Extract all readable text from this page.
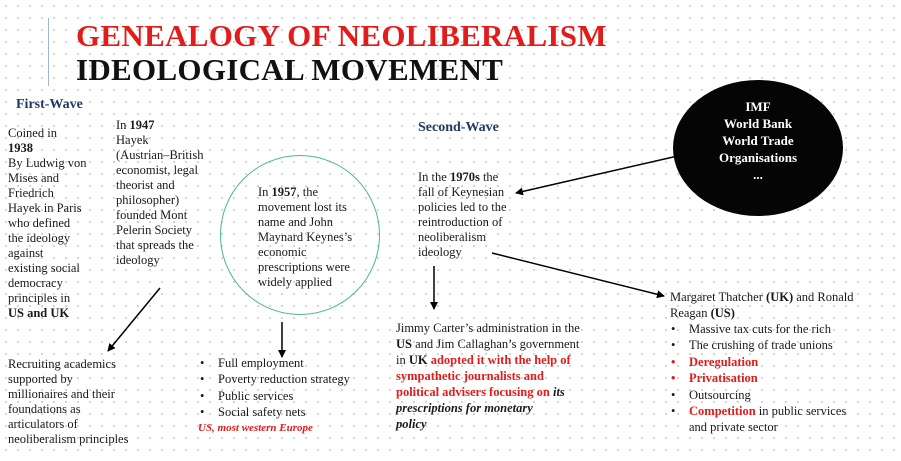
GENEALOGY OF NEOLIBERALISM
IDEOLOGICAL MOVEMENT
First-Wave
Coined in
1938
By Ludwig von
Mises and
Friedrich
Hayek in Paris
who defined
the ideology
against
existing social
democracy
principles in
US and UK
In 1947
Hayek
(Austrian–British
economist, legal
theorist and
philosopher)
founded Mont
Pelerin Society
that spreads the
ideology
Recruiting academics
supported by
millionaires and their
foundations as
articulators of
neoliberalism principles
In 1957, the
movement lost its
name and John
Maynard Keynes’s
economic
prescriptions were
widely applied
• Full employment
• Poverty reduction strategy
• Public services
• Social safety nets
US, most western Europe
Second-Wave
In the 1970s the
fall of Keynesian
policies led to the
reintroduction of
neoliberalism
ideology
Jimmy Carter’s administration in the
US and Jim Callaghan’s government
in UK adopted it with the help of
sympathetic journalists and
political advisers focusing on its
prescriptions for monetary
policy
Margaret Thatcher (UK) and Ronald
Reagan (US)
• Massive tax cuts for the rich
• The crushing of trade unions
• Deregulation
• Privatisation
• Outsourcing
• Competition in public services
and private sector
IMF
World Bank
World Trade
Organisations
...
